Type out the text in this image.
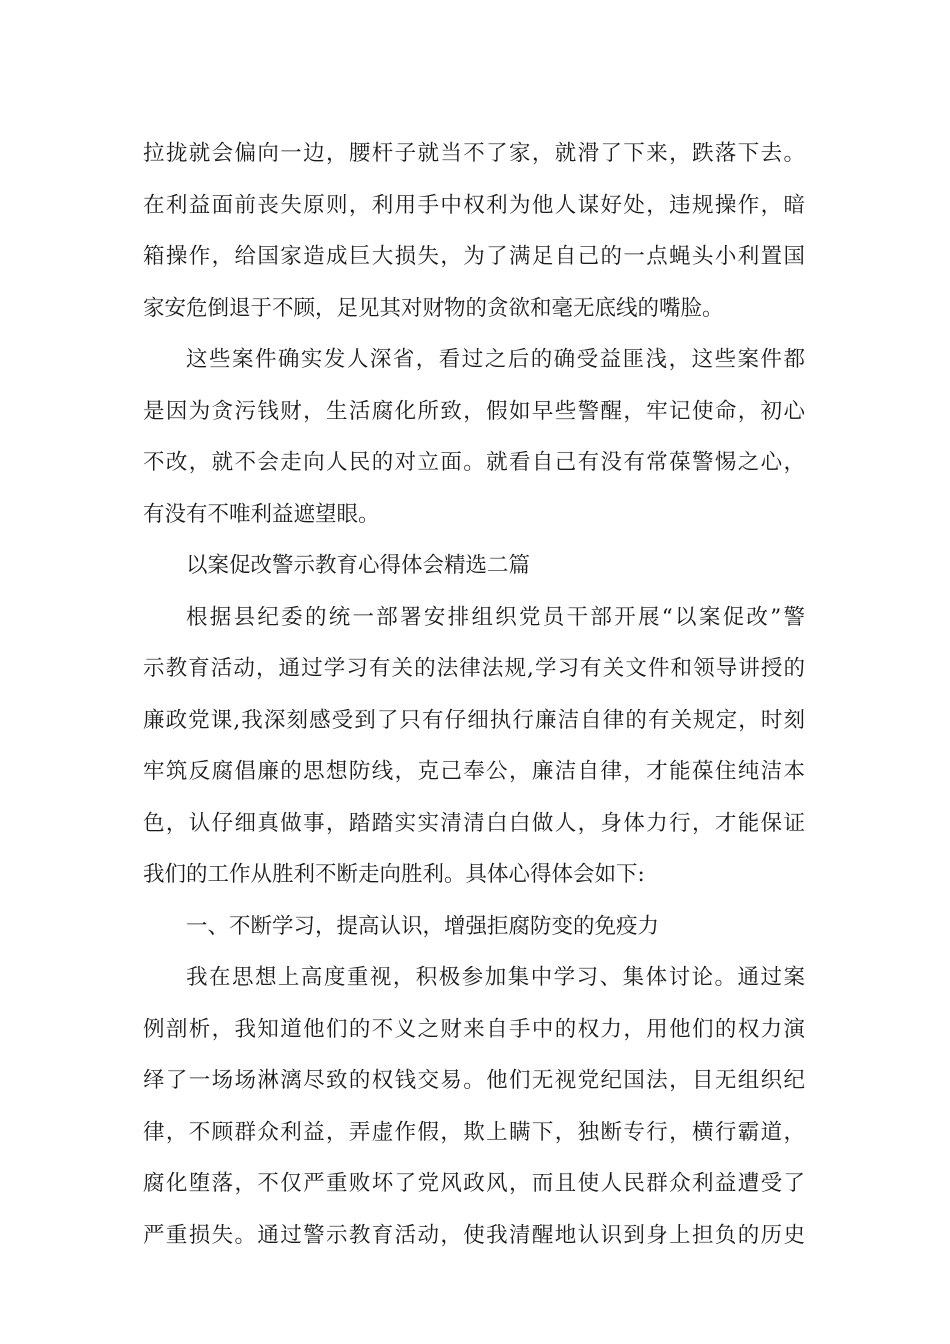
拉拢就会偏向一边，腰杆子就当不了家，就滑了下来，跌落下去。
在利益面前丧失原则，利用手中权利为他人谋好处，违规操作，暗
箱操作，给国家造成巨大损失，为了满足自己的一点蝇头小利置国
家安危倒退于不顾，足见其对财物的贪欲和毫无底线的嘴脸。
这些案件确实发人深省，看过之后的确受益匪浅，这些案件都
是因为贪污钱财，生活腐化所致，假如早些警醒，牢记使命，初心
不改，就不会走向人民的对立面。就看自己有没有常葆警惕之心，
有没有不唯利益遮望眼。
以案促改警示教育心得体会精选二篇
根据县纪委的统一部署安排组织党员干部开展“以案促改”警
示教育活动，通过学习有关的法律法规,学习有关文件和领导讲授的
廉政党课,我深刻感受到了只有仔细执行廉洁自律的有关规定，时刻
牢筑反腐倡廉的思想防线，克己奉公，廉洁自律，才能葆住纯洁本
色，认仔细真做事，踏踏实实清清白白做人，身体力行，才能保证
我们的工作从胜利不断走向胜利。具体心得体会如下:
一、不断学习，提高认识，增强拒腐防变的免疫力
我在思想上高度重视，积极参加集中学习、集体讨论。通过案
例剖析，我知道他们的不义之财来自手中的权力，用他们的权力演
绎了一场场淋漓尽致的权钱交易。他们无视党纪国法，目无组织纪
律，不顾群众利益，弄虚作假，欺上瞒下，独断专行，横行霸道，
腐化堕落，不仅严重败坏了党风政风，而且使人民群众利益遭受了
严重损失。通过警示教育活动，使我清醒地认识到身上担负的历史
